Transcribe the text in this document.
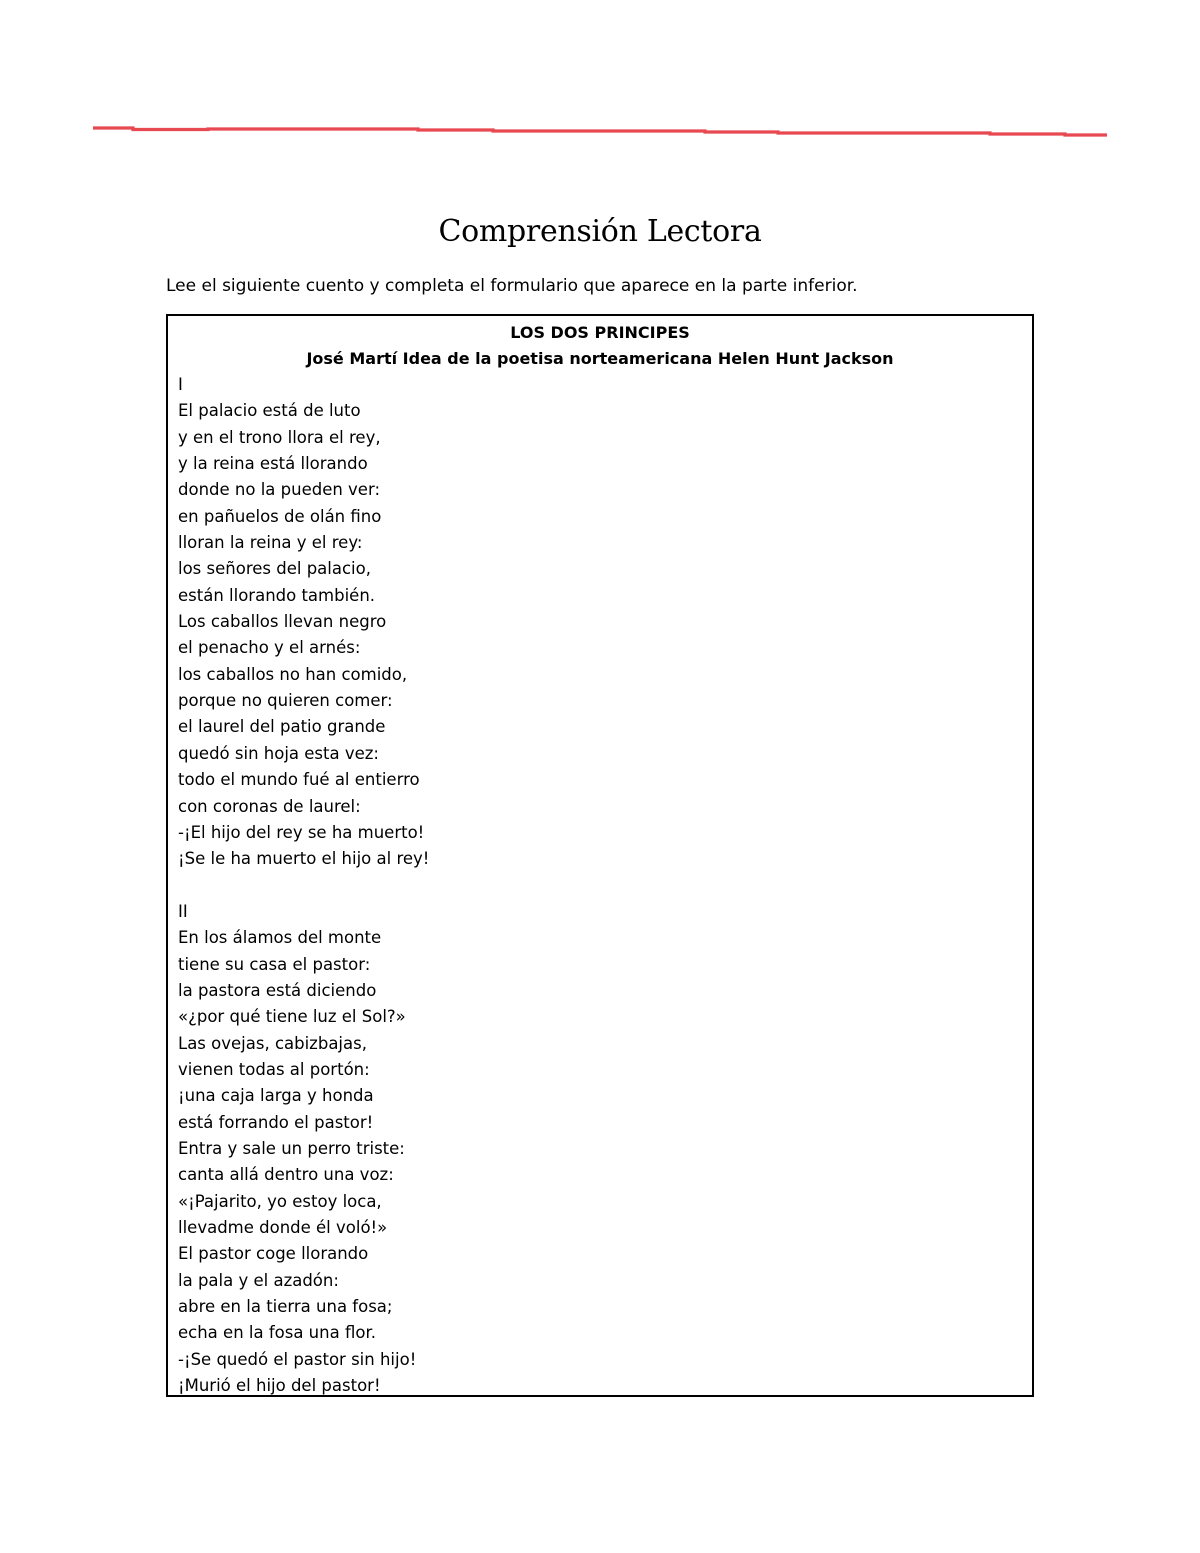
Comprensión Lectora
Lee el siguiente cuento y completa el formulario que aparece en la parte inferior.
LOS DOS PRINCIPES
José Martí Idea de la poetisa norteamericana Helen Hunt Jackson
I
El palacio está de luto
y en el trono llora el rey,
y la reina está llorando
donde no la pueden ver:
en pañuelos de olán fino
lloran la reina y el rey:
los señores del palacio,
están llorando también.
Los caballos llevan negro
el penacho y el arnés:
los caballos no han comido,
porque no quieren comer:
el laurel del patio grande
quedó sin hoja esta vez:
todo el mundo fué al entierro
con coronas de laurel:
-¡El hijo del rey se ha muerto!
¡Se le ha muerto el hijo al rey!
II
En los álamos del monte
tiene su casa el pastor:
la pastora está diciendo
«¿por qué tiene luz el Sol?»
Las ovejas, cabizbajas,
vienen todas al portón:
¡una caja larga y honda
está forrando el pastor!
Entra y sale un perro triste:
canta allá dentro una voz:
«¡Pajarito, yo estoy loca,
llevadme donde él voló!»
El pastor coge llorando
la pala y el azadón:
abre en la tierra una fosa;
echa en la fosa una flor.
-¡Se quedó el pastor sin hijo!
¡Murió el hijo del pastor!
